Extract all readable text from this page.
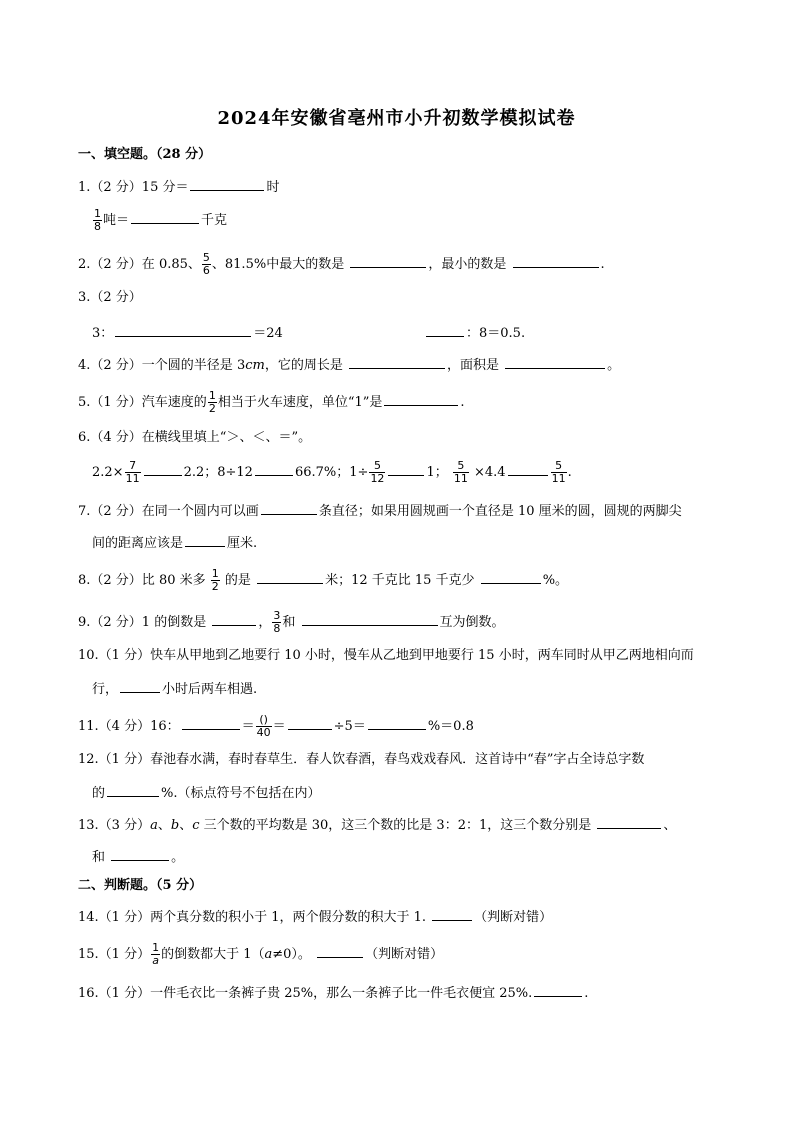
2024年安徽省亳州市小升初数学模拟试卷
一、填空题。（28 分）
1.（2 分）15 分＝	时
$\frac{1}{8}$ 吨＝	千克
2.（2 分）在 0.85、 $\frac{5}{6}$ 、81.5%中最大的数是	，最小的数是	.
3.（2 分）
3：	＝24	：8＝0.5.
4.（2 分）一个圆的半径是 3cm，它的周长是	，面积是	。
5.（1 分）汽车速度的 $\frac{1}{2}$ 相当于火车速度，单位“1”是	.
6.（4 分）在横线里填上“＞、＜、＝”。
$2.2\times \frac{7}{11}$	2.2；8÷12	66.7%；$1\div \frac{5}{12}$	1； $\frac{5}{11} \times 4.4$	$\frac{5}{11}$ .
7.（2 分）在同一个圆内可以画	条直径；如果用圆规画一个直径是 10 厘米的圆，圆规的两脚尖
间的距离应该是	厘米.
8.（2 分）比 80 米多 $\frac{1}{2}$ 的是	米；12 千克比 15 千克少	%。
9.（2 分）1 的倒数是	， $\frac{3}{8}$ 和	互为倒数。
10.（1 分）快车从甲地到乙地要行 10 小时，慢车从乙地到甲地要行 15 小时，两车同时从甲乙两地相向而
行，	小时后两车相遇.
11.（4 分）16：	＝ $\frac{()}{40}$ ＝	÷5＝	%＝0.8
12.（1 分）春池春水满，春时春草生．春人饮春酒，春鸟戏戏春风．这首诗中“春”字占全诗总字数
的	%.（标点符号不包括在内）
13.（3 分）a、b、c 三个数的平均数是 30，这三个数的比是 3：2：1，这三个数分别是	、
和	。
二、判断题。（5 分）
14.（1 分）两个真分数的积小于 1，两个假分数的积大于 1.	（判断对错）
15.（1 分） $\frac{1}{a}$ 的倒数都大于 1（a≠0）。	（判断对错）
16.（1 分）一件毛衣比一条裤子贵 25%，那么一条裤子比一件毛衣便宜 25%.	.
